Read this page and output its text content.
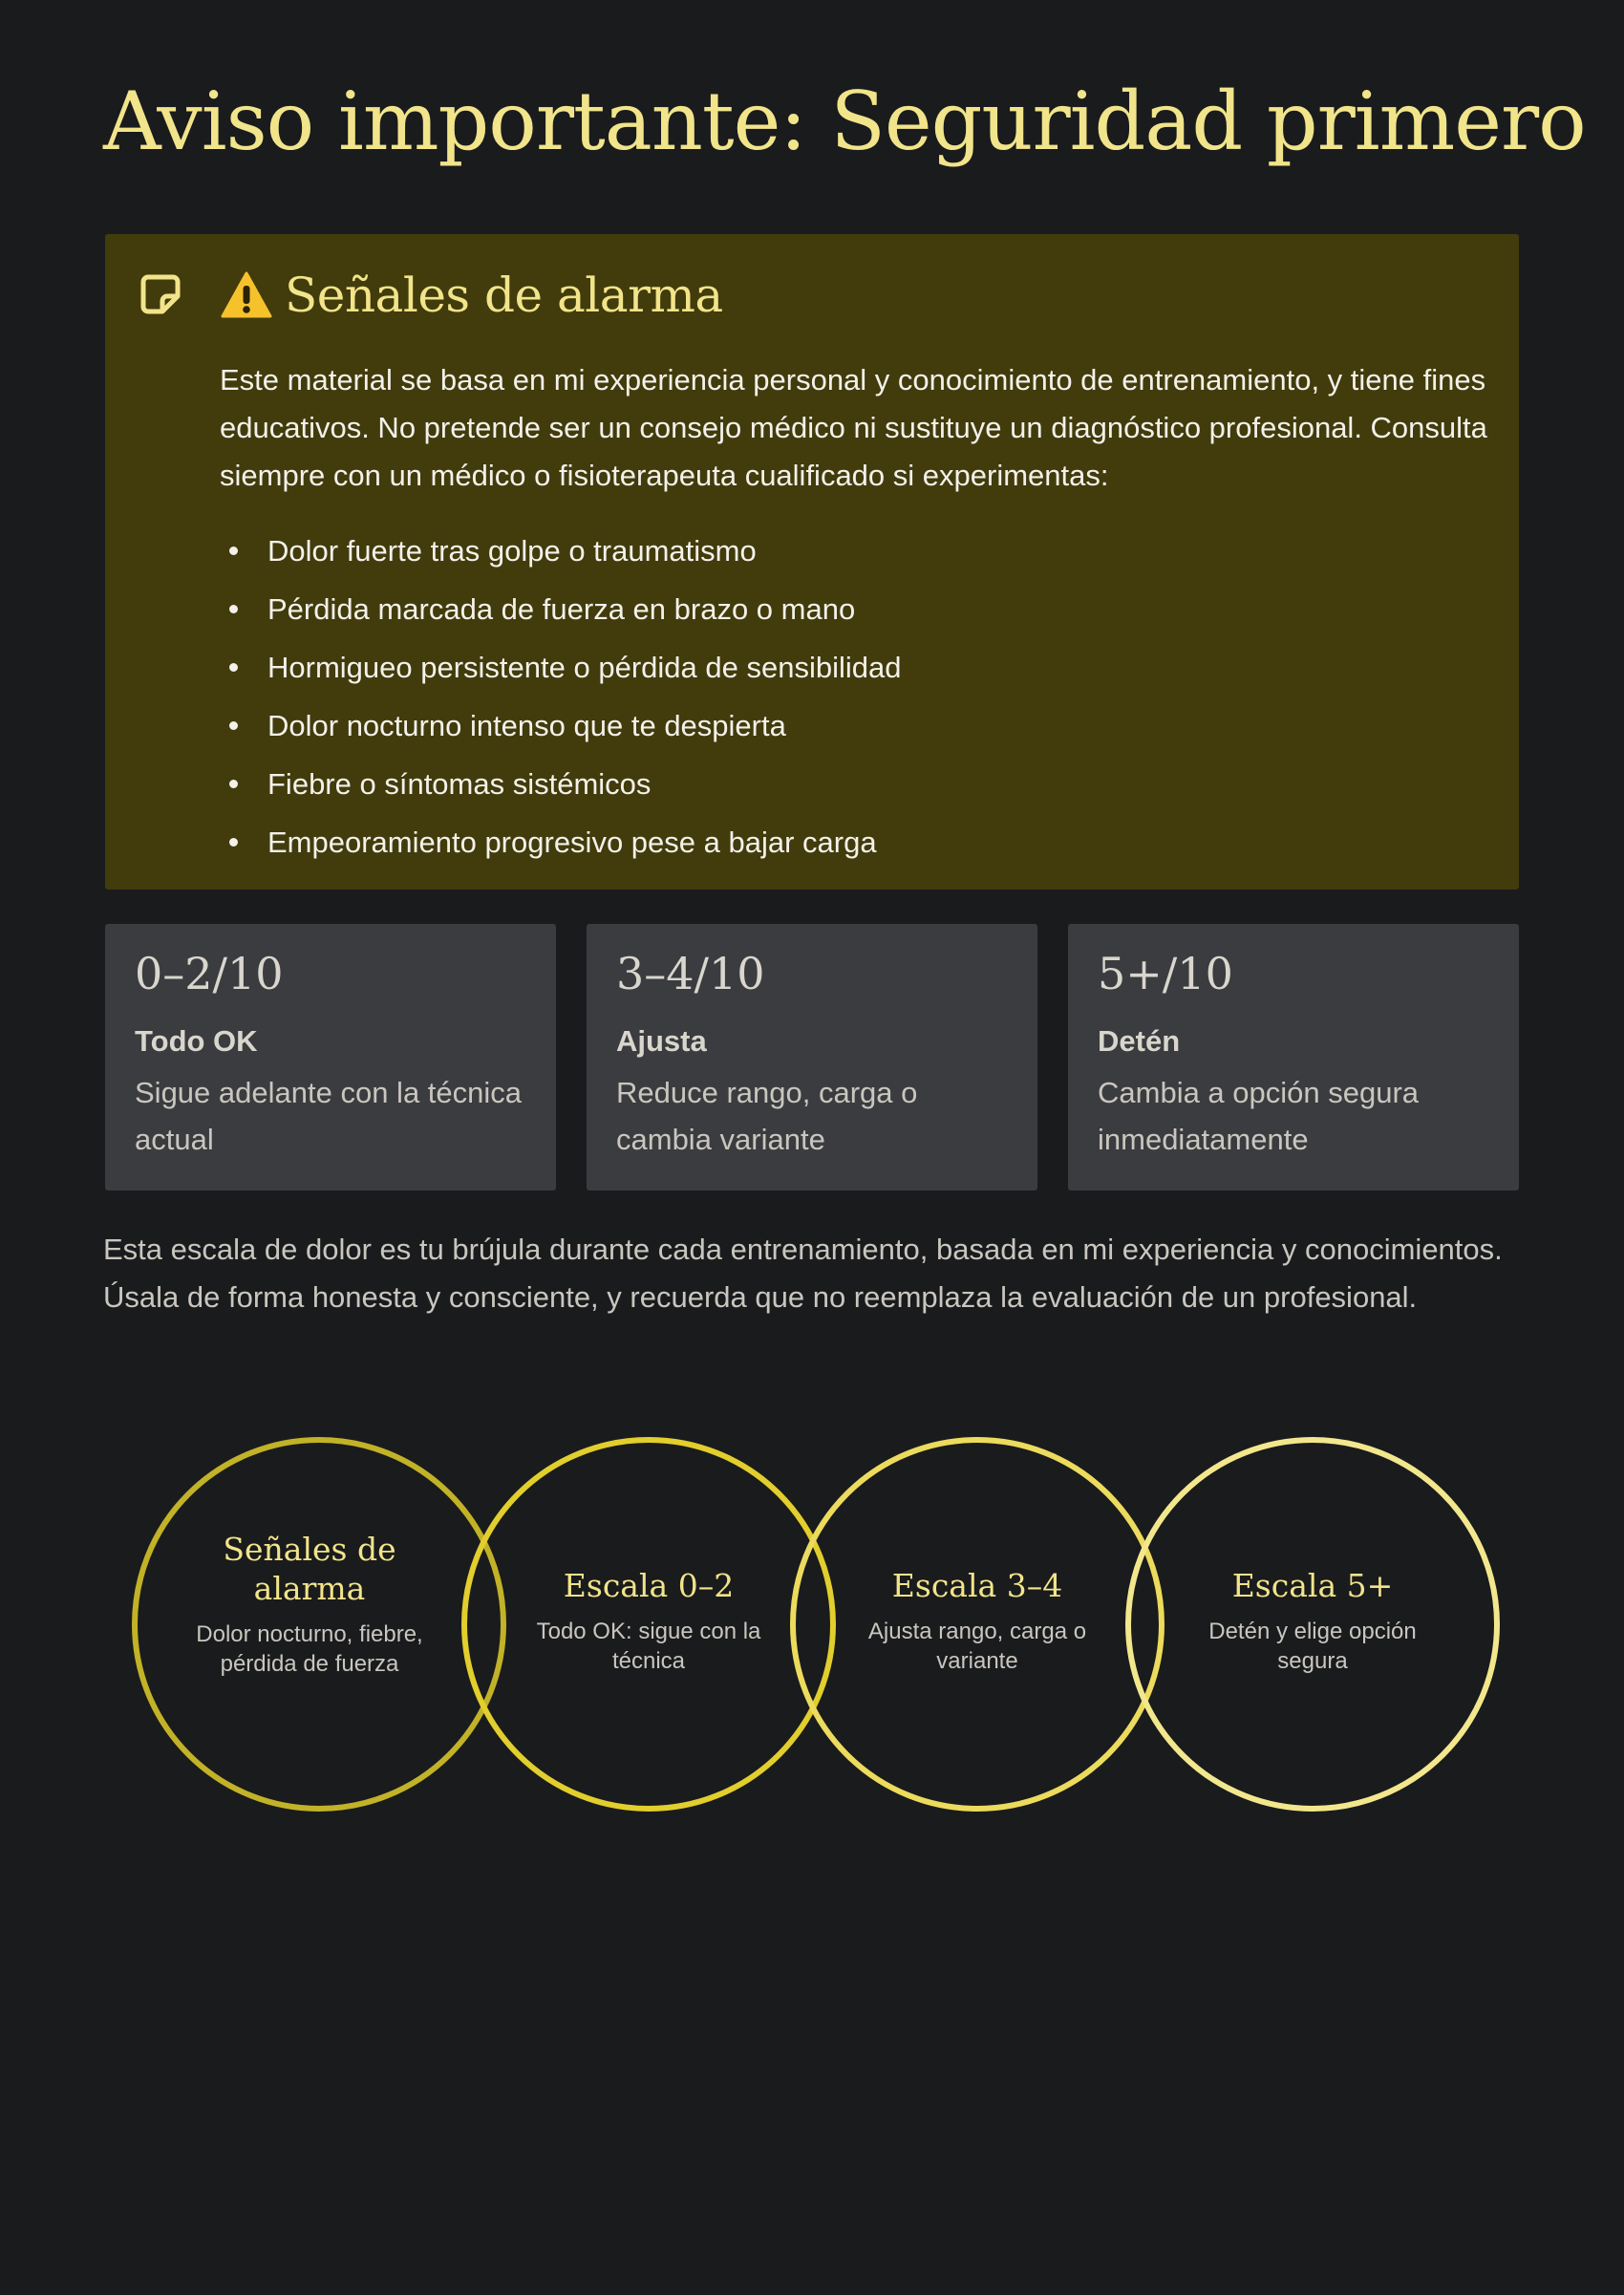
Aviso importante: Seguridad primero
Señales de alarma

Este material se basa en mi experiencia personal y conocimiento de entrenamiento, y tiene fines educativos. No pretende ser un consejo médico ni sustituye un diagnóstico profesional. Consulta siempre con un médico o fisioterapeuta cualificado si experimentas:

Dolor fuerte tras golpe o traumatismo
Pérdida marcada de fuerza en brazo o mano
Hormigueo persistente o pérdida de sensibilidad
Dolor nocturno intenso que te despierta
Fiebre o síntomas sistémicos
Empeoramiento progresivo pese a bajar carga
0–2/10
Todo OK
Sigue adelante con la técnica actual
3–4/10
Ajusta
Reduce rango, carga o cambia variante
5+/10
Detén
Cambia a opción segura inmediatamente

Esta escala de dolor es tu brújula durante cada entrenamiento, basada en mi experiencia y conocimientos. Úsala de forma honesta y consciente, y recuerda que no reemplaza la evaluación de un profesional.

Señales de alarma
Dolor nocturno, fiebre, pérdida de fuerza
Escala 0–2
Todo OK: sigue con la técnica
Escala 3–4
Ajusta rango, carga o variante
Escala 5+
Detén y elige opción segura
